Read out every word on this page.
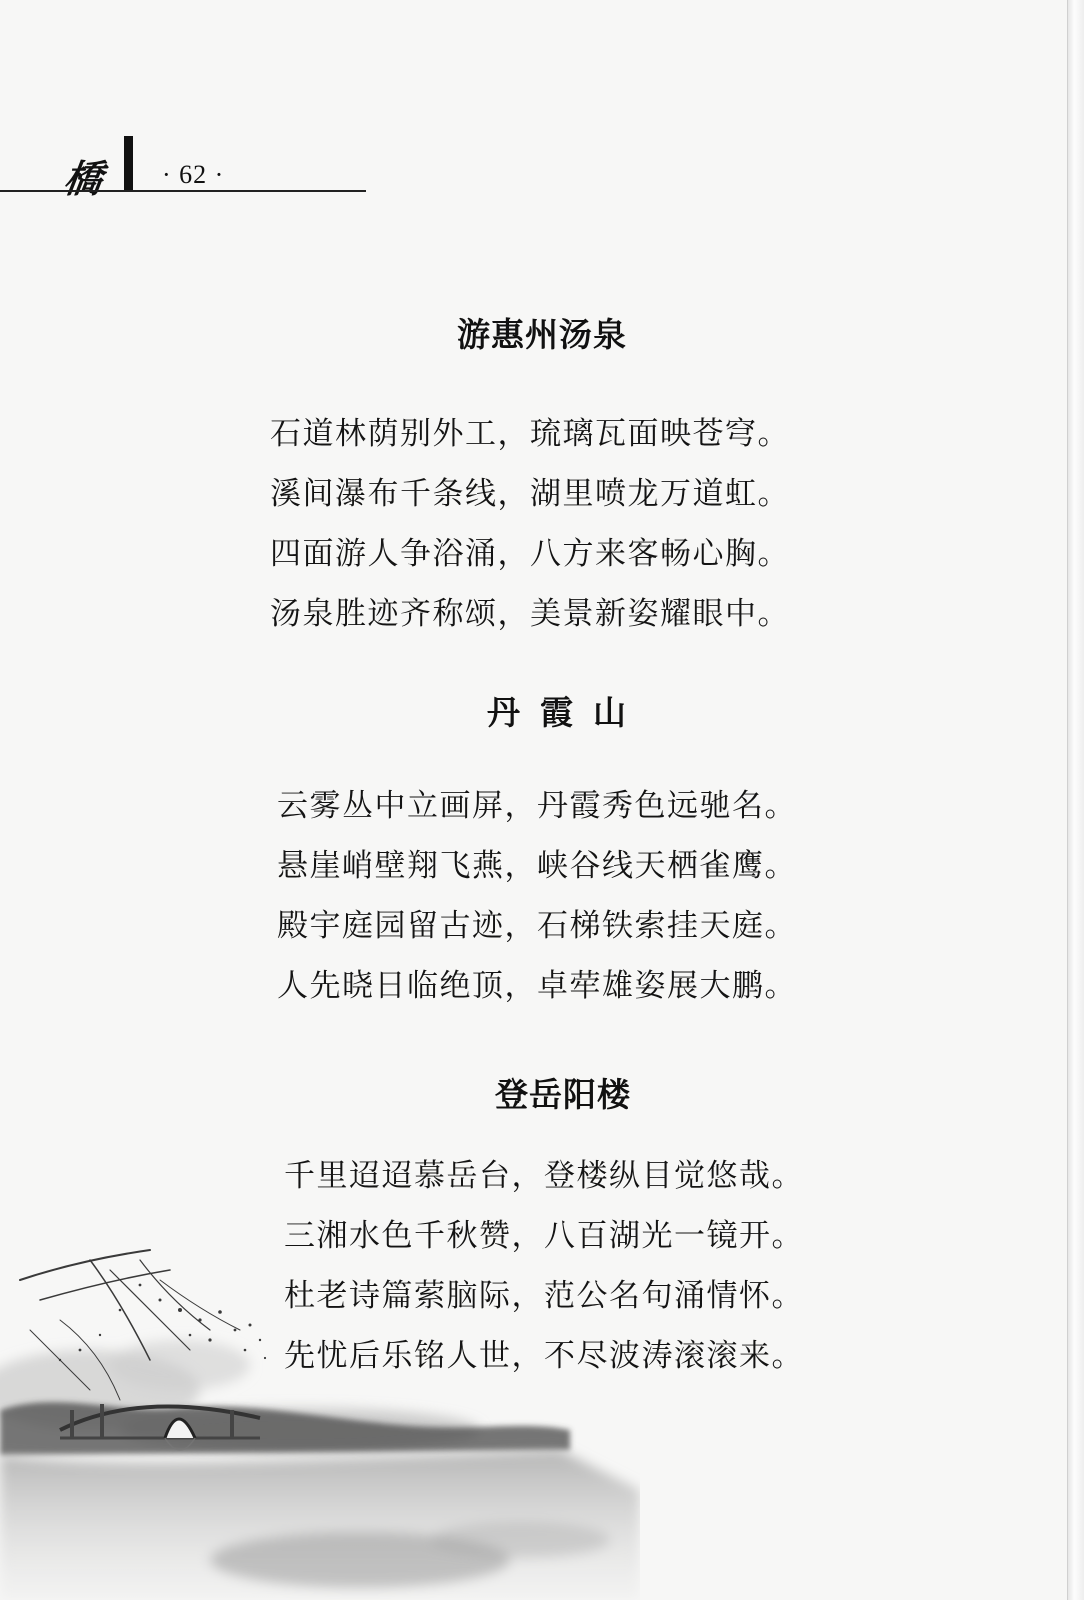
橋 · 62 ·
游惠州汤泉
石道林荫别外工，琉璃瓦面映苍穹。
溪间瀑布千条线，湖里喷龙万道虹。
四面游人争浴涌，八方来客畅心胸。
汤泉胜迹齐称颂，美景新姿耀眼中。
丹霞山
云雾丛中立画屏，丹霞秀色远驰名。
悬崖峭壁翔飞燕，峡谷线天栖雀鹰。
殿宇庭园留古迹，石梯铁索挂天庭。
人先晓日临绝顶，卓荦雄姿展大鹏。
登岳阳楼
千里迢迢慕岳台，登楼纵目觉悠哉。
三湘水色千秋赞，八百湖光一镜开。
杜老诗篇萦脑际，范公名句涌情怀。
先忧后乐铭人世，不尽波涛滚滚来。
